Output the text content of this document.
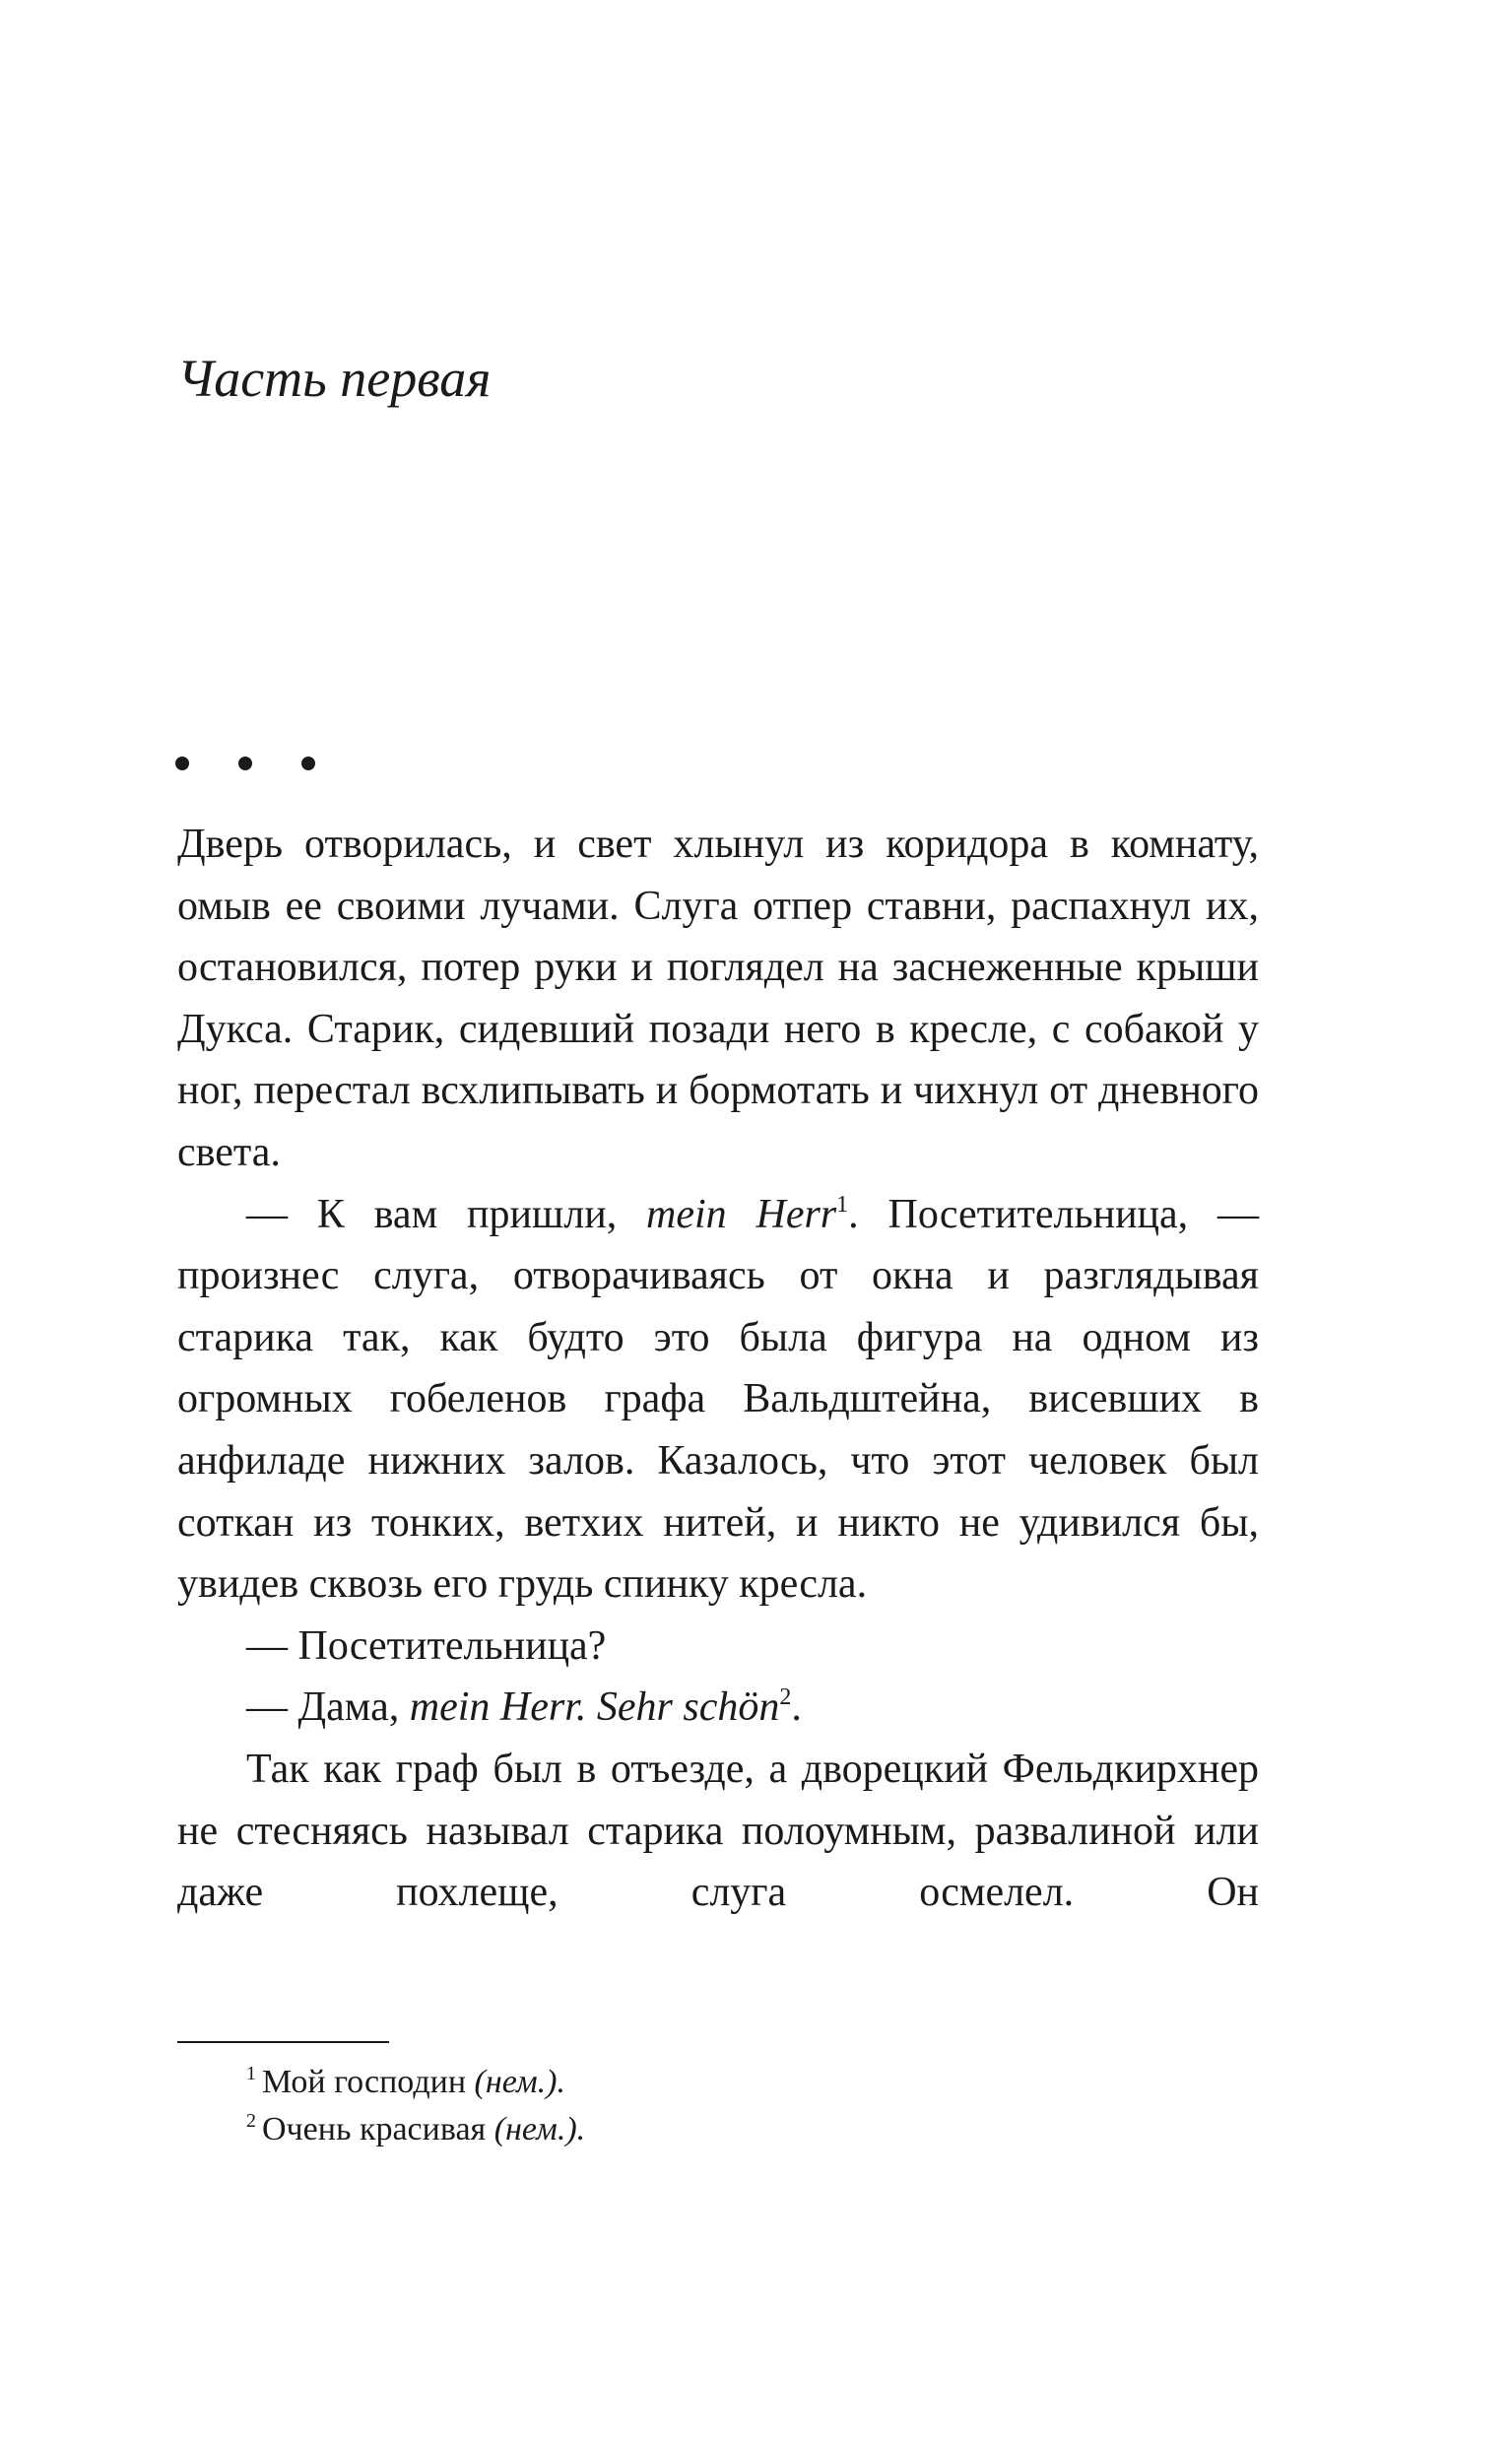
Часть первая

Дверь отворилась, и свет хлынул из коридора в комнату, омыв ее своими лучами. Слуга отпер ставни, распахнул их, остановился, потер руки и поглядел на заснеженные крыши Дукса. Старик, сидевший позади него в кресле, с собакой у ног, перестал всхлипывать и бормотать и чихнул от дневного света.

— К вам пришли, mein Herr$^1$. Посетительница, — произнес слуга, отворачиваясь от окна и разглядывая старика так, как будто это была фигура на одном из огромных гобеленов графа Вальдштейна, висевших в анфиладе нижних залов. Казалось, что этот человек был соткан из тонких, ветхих нитей, и никто не удивился бы, увидев сквозь его грудь спинку кресла.

— Посетительница?

— Дама, mein Herr. Sehr schön$^2$.

Так как граф был в отъезде, а дворецкий Фельдкирхнер не стесняясь называл старика полоумным, развалиной или даже похлеще, слуга осмелел. Он

$^1$ Мой господин (нем.).

$^2$ Очень красивая (нем.).
